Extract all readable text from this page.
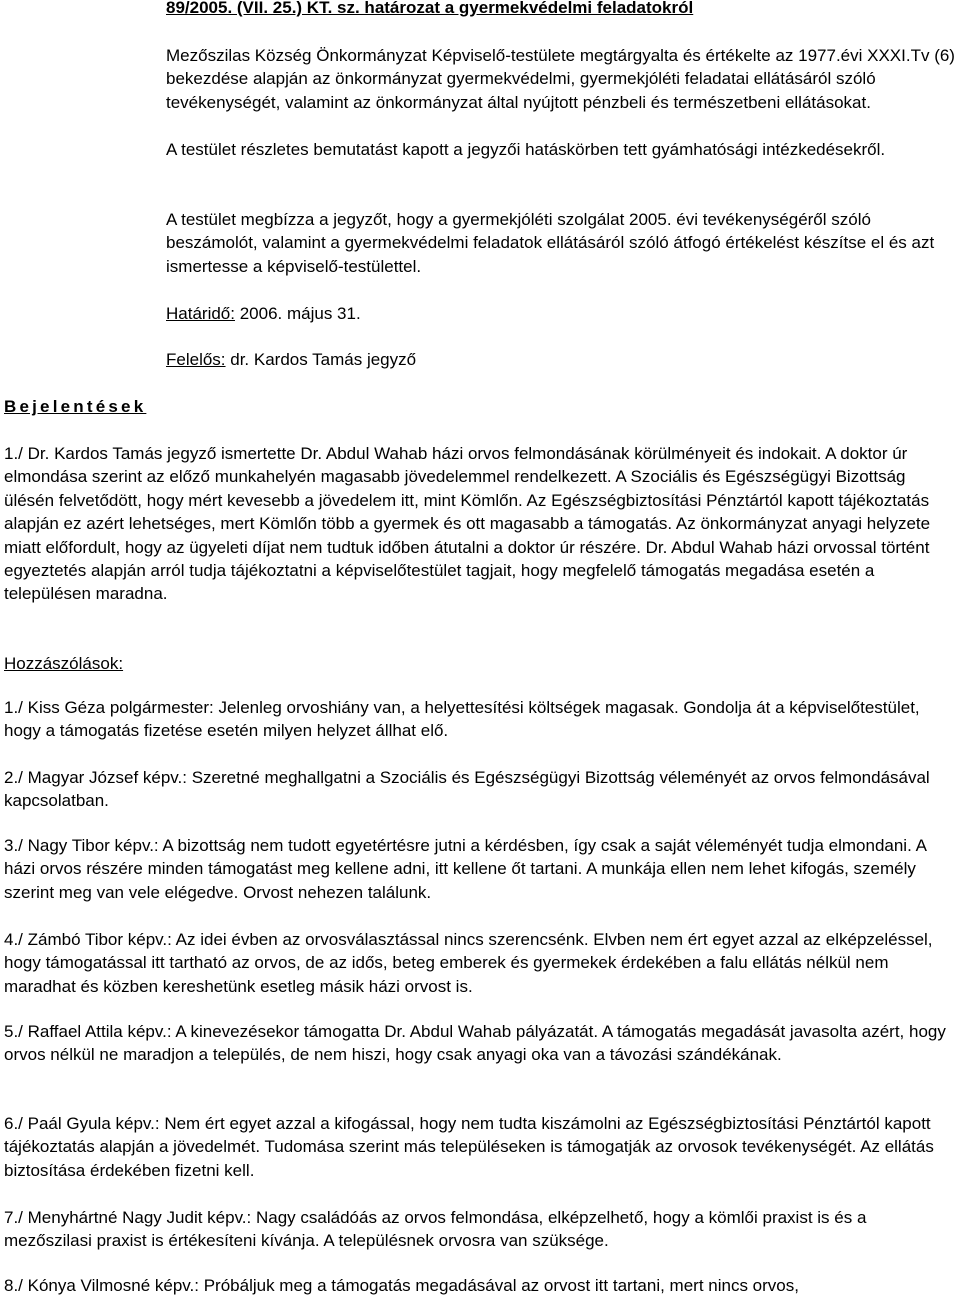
89/2005. (VII. 25.) KT. sz. határozat a gyermekvédelmi feladatokról

Mezőszilas Község Önkormányzat Képviselő-testülete megtárgyalta és értékelte az 1977.évi XXXI.Tv (6) bekezdése alapján az önkormányzat gyermekvédelmi, gyermekjóléti feladatai ellátásáról szóló tevékenységét, valamint az önkormányzat által nyújtott pénzbeli és természetbeni ellátásokat.

A testület részletes bemutatást kapott a jegyzői hatáskörben tett gyámhatósági intézkedésekről.

A testület megbízza a jegyzőt, hogy a gyermekjóléti szolgálat 2005. évi tevékenységéről szóló beszámolót, valamint a gyermekvédelmi feladatok ellátásáról szóló átfogó értékelést készítse el és azt ismertesse a képviselő-testülettel.

Határidő: 2006. május 31.

Felelős: dr. Kardos Tamás jegyző

Bejelentések

1./ Dr. Kardos Tamás jegyző ismertette Dr. Abdul Wahab házi orvos felmondásának körülményeit és indokait. A doktor úr elmondása szerint az előző munkahelyén magasabb jövedelemmel rendelkezett. A Szociális és Egészségügyi Bizottság ülésén felvetődött, hogy mért kevesebb a jövedelem itt, mint Kömlőn. Az Egészségbiztosítási Pénztártól kapott tájékoztatás alapján ez azért lehetséges, mert Kömlőn több a gyermek és ott magasabb a támogatás. Az önkormányzat anyagi helyzete miatt előfordult, hogy az ügyeleti díjat nem tudtuk időben átutalni a doktor úr részére. Dr. Abdul Wahab házi orvossal történt egyeztetés alapján arról tudja tájékoztatni a képviselőtestület tagjait, hogy megfelelő támogatás megadása esetén a településen maradna.

Hozzászólások:

1./ Kiss Géza polgármester: Jelenleg orvoshiány van, a helyettesítési költségek magasak. Gondolja át a képviselőtestület, hogy a támogatás fizetése esetén milyen helyzet állhat elő.

2./ Magyar József képv.: Szeretné meghallgatni a Szociális és Egészségügyi Bizottság véleményét az orvos felmondásával kapcsolatban.

3./ Nagy Tibor képv.: A bizottság nem tudott egyetértésre jutni a kérdésben, így csak a saját véleményét tudja elmondani. A házi orvos részére minden támogatást meg kellene adni, itt kellene őt tartani. A munkája ellen nem lehet kifogás, személy szerint meg van vele elégedve. Orvost nehezen találunk.

4./ Zámbó Tibor képv.: Az idei évben az orvosválasztással nincs szerencsénk. Elvben nem ért egyet azzal az elképzeléssel, hogy támogatással itt tartható az orvos, de az idős, beteg emberek és gyermekek érdekében a falu ellátás nélkül nem maradhat és közben kereshetünk esetleg másik házi orvost is.

5./ Raffael Attila képv.: A kinevezésekor támogatta Dr. Abdul Wahab pályázatát. A támogatás megadását javasolta azért, hogy orvos nélkül ne maradjon a település, de nem hiszi, hogy csak anyagi oka van a távozási szándékának.

6./ Paál Gyula képv.: Nem ért egyet azzal a kifogással, hogy nem tudta kiszámolni az Egészségbiztosítási Pénztártól kapott tájékoztatás alapján a jövedelmét. Tudomása szerint más településeken is támogatják az orvosok tevékenységét. Az ellátás biztosítása érdekében fizetni kell.

7./ Menyhártné Nagy Judit képv.: Nagy családóás az orvos felmondása, elképzelhető, hogy a kömlői praxist is és a mezőszilasi praxist is értékesíteni kívánja. A településnek orvosra van szüksége.

8./ Kónya Vilmosné képv.: Próbáljuk meg a támogatás megadásával az orvost itt tartani, mert nincs orvos,
